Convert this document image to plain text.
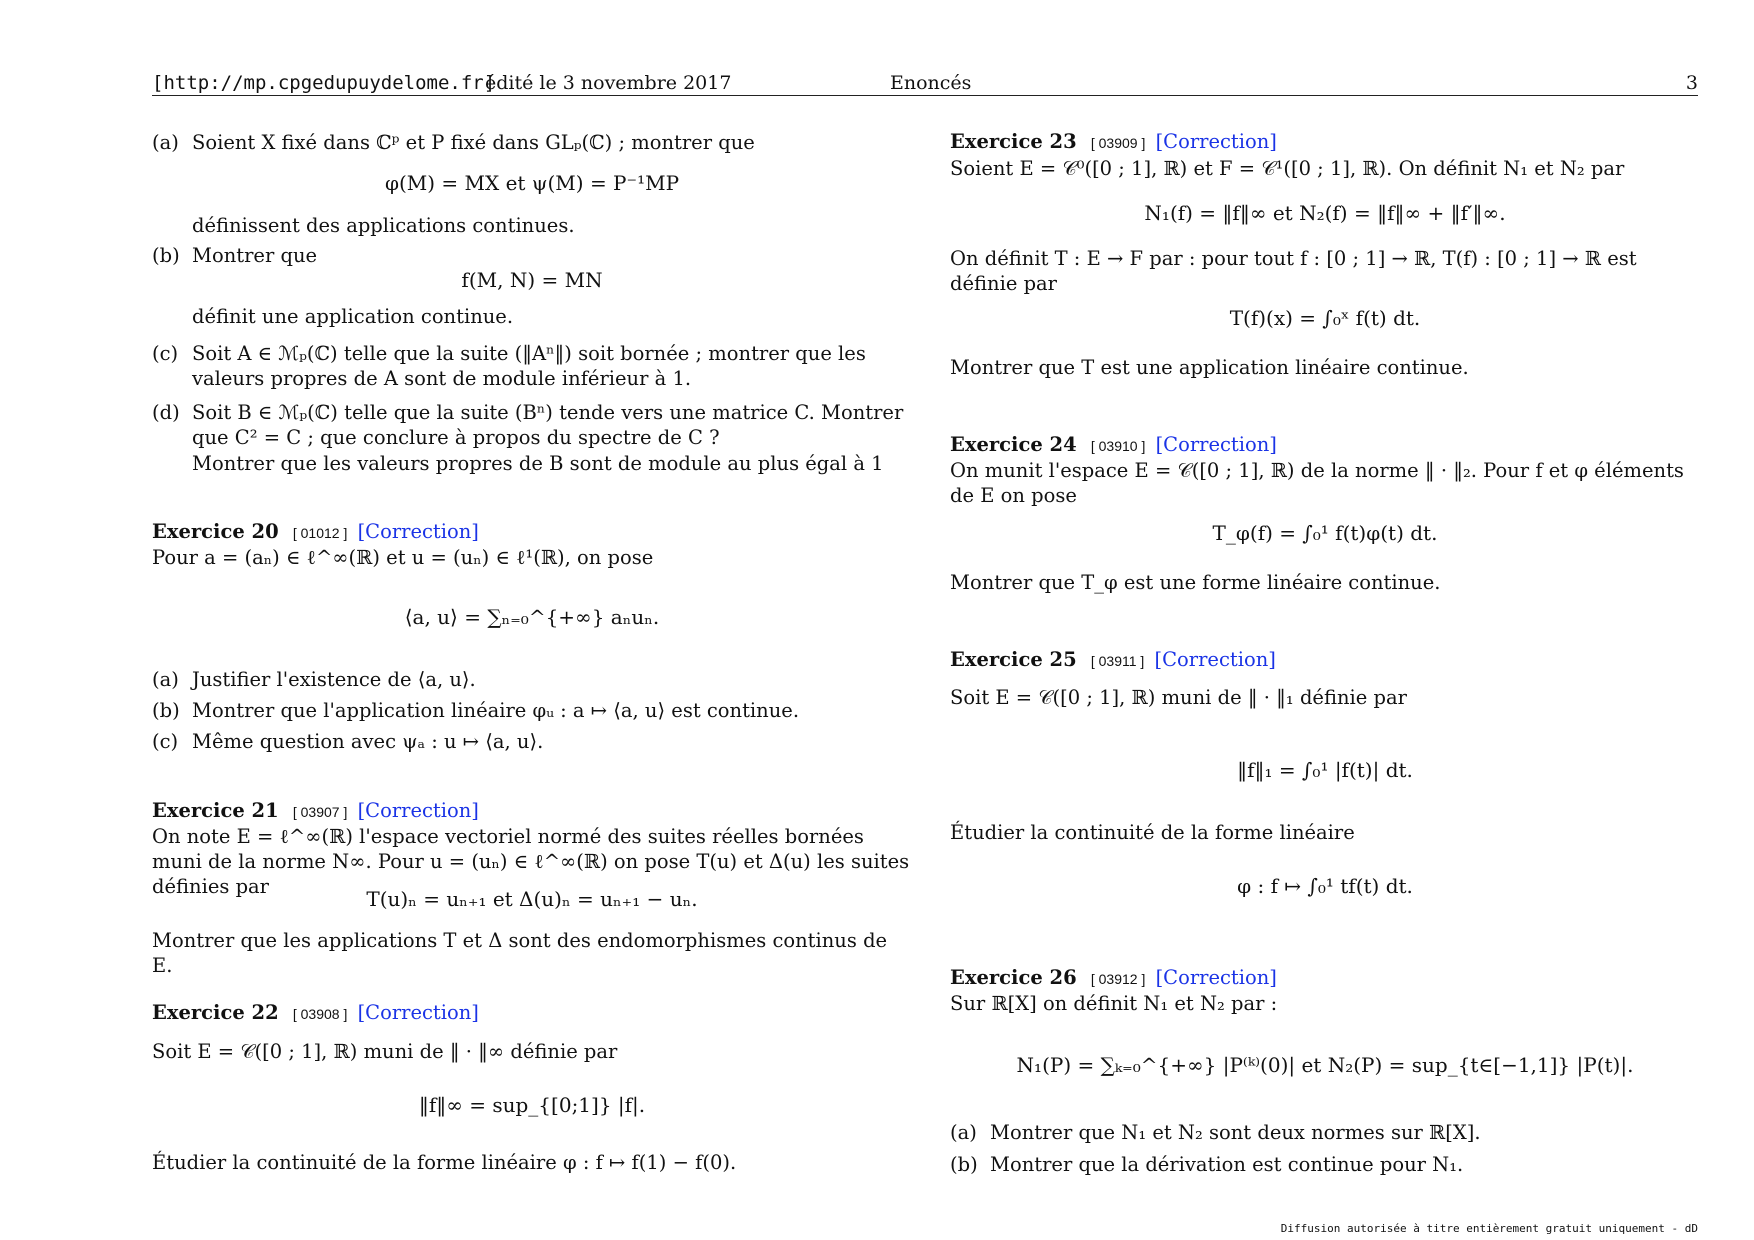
[http://mp.cpgedupuydelome.fr]
édité le 3 novembre 2017	Enoncés	3
(a) Soient X fixé dans ℂᵖ et P fixé dans GLₚ(ℂ) ; montrer que
φ(M) = MX et ψ(M) = P⁻¹MP
définissent des applications continues.
(b) Montrer que
f(M, N) = MN
définit une application continue.
(c) Soit A ∈ ℳₚ(ℂ) telle que la suite (‖Aⁿ‖) soit bornée ; montrer que les valeurs propres de A sont de module inférieur à 1.
(d) Soit B ∈ ℳₚ(ℂ) telle que la suite (Bⁿ) tende vers une matrice C. Montrer que C² = C ; que conclure à propos du spectre de C ?
Montrer que les valeurs propres de B sont de module au plus égal à 1
Exercice 20 [ 01012 ] [Correction]
Pour a = (aₙ) ∈ ℓ^∞(ℝ) et u = (uₙ) ∈ ℓ¹(ℝ), on pose
⟨a, u⟩ = ∑ₙ₌₀^{+∞} aₙuₙ.
(a) Justifier l'existence de ⟨a, u⟩.
(b) Montrer que l'application linéaire φᵤ : a ↦ ⟨a, u⟩ est continue.
(c) Même question avec ψₐ : u ↦ ⟨a, u⟩.
Exercice 21 [ 03907 ] [Correction]
On note E = ℓ^∞(ℝ) l'espace vectoriel normé des suites réelles bornées muni de la norme N∞. Pour u = (uₙ) ∈ ℓ^∞(ℝ) on pose T(u) et Δ(u) les suites définies par
T(u)ₙ = uₙ₊₁ et Δ(u)ₙ = uₙ₊₁ − uₙ.
Montrer que les applications T et Δ sont des endomorphismes continus de E.
Exercice 22 [ 03908 ] [Correction]
Soit E = 𝒞([0 ; 1], ℝ) muni de ‖ · ‖∞ définie par
‖f‖∞ = sup_{[0;1]} |f|.
Étudier la continuité de la forme linéaire φ : f ↦ f(1) − f(0).
Exercice 23 [ 03909 ] [Correction]
Soient E = 𝒞⁰([0 ; 1], ℝ) et F = 𝒞¹([0 ; 1], ℝ). On définit N₁ et N₂ par
N₁(f) = ‖f‖∞ et N₂(f) = ‖f‖∞ + ‖f′‖∞.
On définit T : E → F par : pour tout f : [0 ; 1] → ℝ, T(f) : [0 ; 1] → ℝ est définie par
T(f)(x) = ∫₀ˣ f(t) dt.
Montrer que T est une application linéaire continue.
Exercice 24 [ 03910 ] [Correction]
On munit l'espace E = 𝒞([0 ; 1], ℝ) de la norme ‖ · ‖₂. Pour f et φ éléments de E on pose
T_φ(f) = ∫₀¹ f(t)φ(t) dt.
Montrer que T_φ est une forme linéaire continue.
Exercice 25 [ 03911 ] [Correction]
Soit E = 𝒞([0 ; 1], ℝ) muni de ‖ · ‖₁ définie par
‖f‖₁ = ∫₀¹ |f(t)| dt.
Étudier la continuité de la forme linéaire
φ : f ↦ ∫₀¹ tf(t) dt.
Exercice 26 [ 03912 ] [Correction]
Sur ℝ[X] on définit N₁ et N₂ par :
N₁(P) = ∑ₖ₌₀^{+∞} |P⁽ᵏ⁾(0)| et N₂(P) = sup_{t∈[−1,1]} |P(t)|.
(a) Montrer que N₁ et N₂ sont deux normes sur ℝ[X].
(b) Montrer que la dérivation est continue pour N₁.
Diffusion autorisée à titre entièrement gratuit uniquement - dD
